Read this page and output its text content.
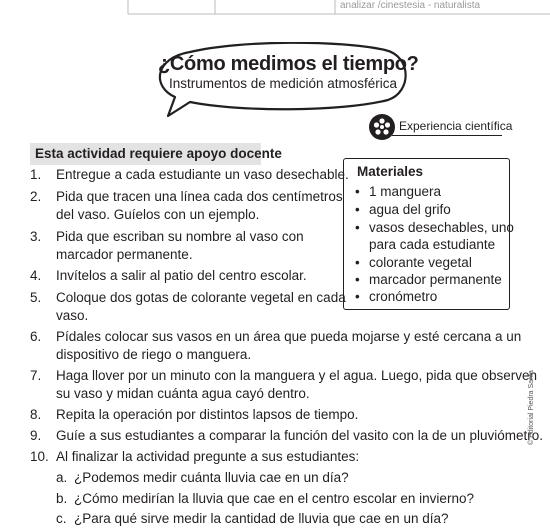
analizar /cinestesia - naturalista
¿Cómo medimos el tiempo?
Instrumentos de medición atmosférica
Experiencia científica
Esta actividad requiere apoyo docente
1. Entregue a cada estudiante un vaso desechable.
2. Pida que tracen una línea cada dos centímetros
del vaso. Guíelos con un ejemplo.
3. Pida que escriban su nombre al vaso con
marcador permanente.
4. Invítelos a salir al patio del centro escolar.
5. Coloque dos gotas de colorante vegetal en cada
vaso.
6. Pídales colocar sus vasos en un área que pueda mojarse y esté cercana a un
dispositivo de riego o manguera.
7. Haga llover por un minuto con la manguera y el agua. Luego, pida que observen
su vaso y midan cuánta agua cayó dentro.
8. Repita la operación por distintos lapsos de tiempo.
9. Guíe a sus estudiantes a comparar la función del vasito con la de un pluviómetro.
10. Al finalizar la actividad pregunte a sus estudiantes:
a. ¿Podemos medir cuánta lluvia cae en un día?
b. ¿Cómo medirían la lluvia que cae en el centro escolar en invierno?
c. ¿Para qué sirve medir la cantidad de lluvia que cae en un día?
Materiales
• 1 manguera
• agua del grifo
• vasos desechables, uno
para cada estudiante
• colorante vegetal
• marcador permanente
• cronómetro
© Editorial Piedra Santa
